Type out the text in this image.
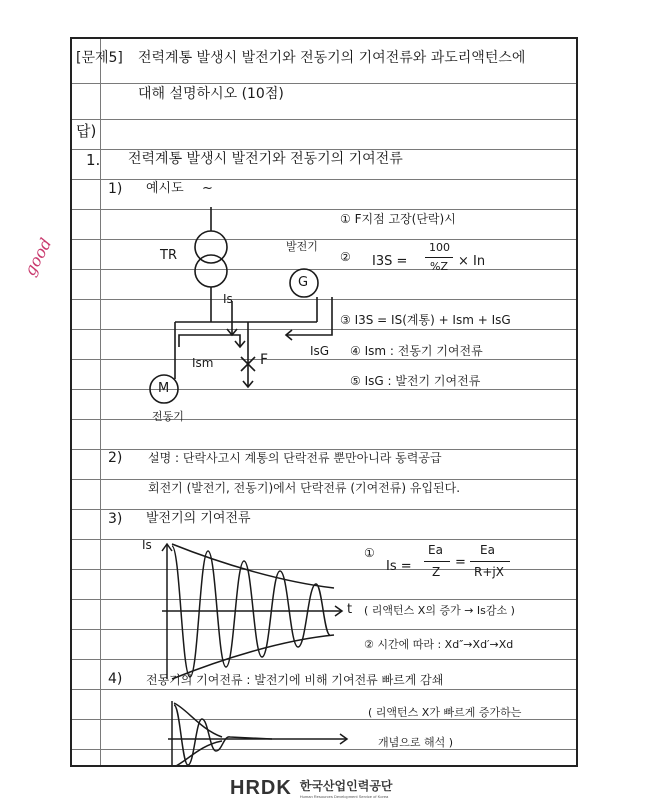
[문제5] 전력계통 발생시 발전기와 전동기의 기여전류와 과도리액턴스에
대해 설명하시오 (10점)
답)
1. 전력계통 발생시 발전기와 전동기의 기여전류
1) 예시도 ~
TR
발전기
G
Is
F
Ism
IsG
M
전동기
① F지점 고장(단락)시
② I3S =
100
%Z × In
③ I3S = IS(계통) + Ism + IsG
④ Ism : 전동기 기여전류
⑤ IsG : 발전기 기여전류
2) 설명 : 단락사고시 계통의 단락전류 뿐만아니라 동력공급
회전기 (발전기, 전동기)에서 단락전류 (기여전류) 유입된다.
3) 발전기의 기여전류
Is
t
①
Is =
Ea
Z
=
Ea
R+jX
( 리액턴스 X의 증가 → Is감소 )
② 시간에 따라 : Xd″→Xd′→Xd
4) 전동기의 기여전류 : 발전기에 비해 기여전류 빠르게 감쇄
( 리액턴스 X가 빠르게 증가하는
개념으로 해석 )
good
HRDK 한국산업인력공단
Human Resources Development Service of Korea
